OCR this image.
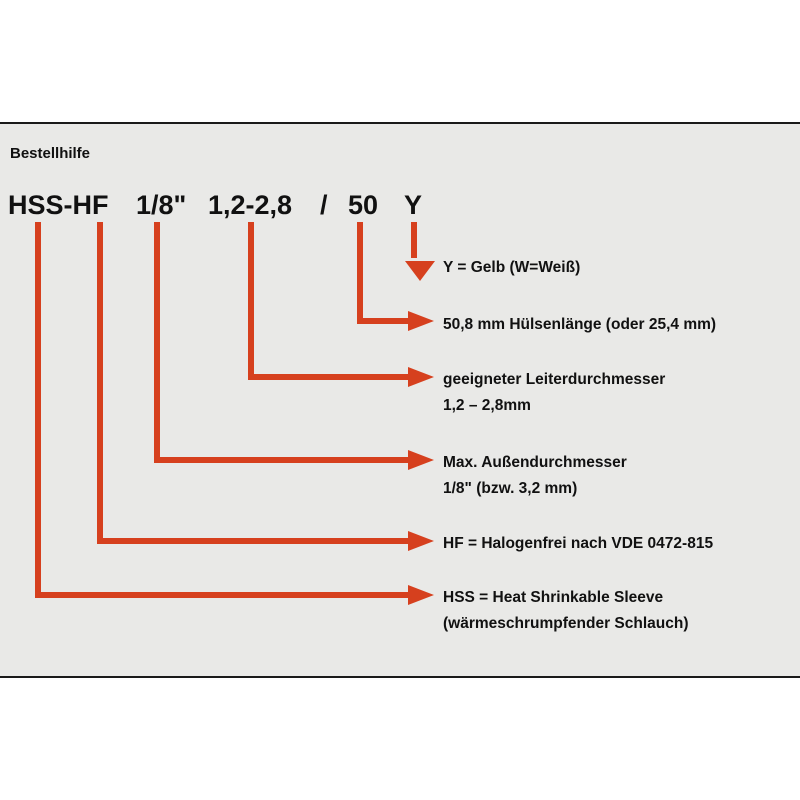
Bestellhilfe
HSS-HF 1/8" 1,2-2,8 / 50 Y
Y = Gelb (W=Weiß)
50,8 mm Hülsenlänge (oder 25,4 mm)
geeigneter Leiterdurchmesser
1,2 – 2,8mm
Max. Außendurchmesser
1/8" (bzw. 3,2 mm)
HF = Halogenfrei nach VDE 0472-815
HSS = Heat Shrinkable Sleeve
(wärmeschrumpfender Schlauch)
